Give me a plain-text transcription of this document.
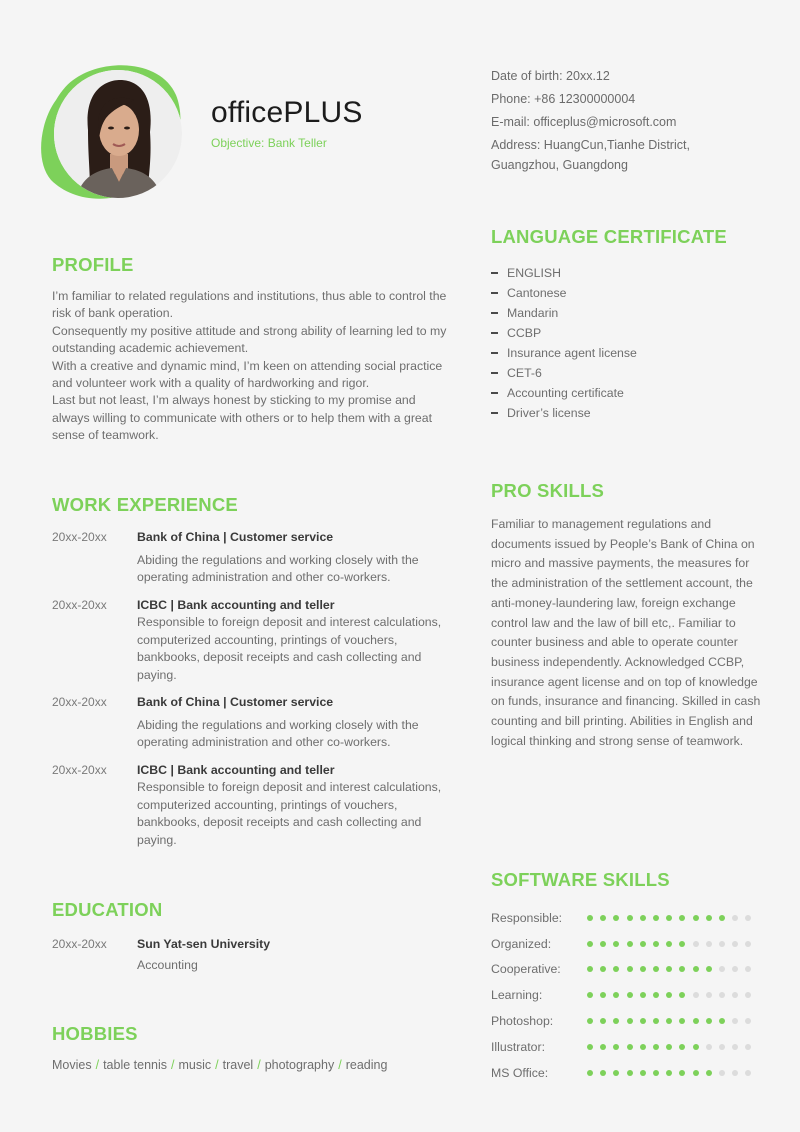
officePLUS
Objective: Bank Teller
Date of birth: 20xx.12
Phone: +86 12300000004
E-mail: officeplus@microsoft.com
Address: HuangCun,Tianhe District, Guangzhou, Guangdong
PROFILE

I’m familiar to related regulations and institutions, thus able to control the risk of bank operation.

Consequently my positive attitude and strong ability of learning led to my outstanding academic achievement.

With a creative and dynamic mind, I’m keen on attending social practice and volunteer work with a quality of hardworking and rigor.

Last but not least, I’m always honest by sticking to my promise and always willing to communicate with others or to help them with a great sense of teamwork.

WORK EXPERIENCE
20xx-20xx	Bank of China | Customer service
Abiding the regulations and working closely with the operating administration and other co-workers.
20xx-20xx	ICBC | Bank accounting and teller
Responsible to foreign deposit and interest calculations, computerized accounting, printings of vouchers, bankbooks, deposit receipts and cash collecting and paying.
20xx-20xx	Bank of China | Customer service
Abiding the regulations and working closely with the operating administration and other co-workers.
20xx-20xx	ICBC | Bank accounting and teller
Responsible to foreign deposit and interest calculations, computerized accounting, printings of vouchers, bankbooks, deposit receipts and cash collecting and paying.
EDUCATION
20xx-20xx	Sun Yat-sen University
Accounting
HOBBIES
Movies / table tennis / music / travel / photography / reading
LANGUAGE CERTIFICATE
ENGLISH
Cantonese
Mandarin
CCBP
Insurance agent license
CET-6
Accounting certificate
Driver’s license
PRO SKILLS
Familiar to management regulations and documents issued by People’s Bank of China on micro and massive payments, the measures for the administration of the settlement account, the anti-money-laundering law, foreign exchange control law and the law of bill etc,. Familiar to counter business and able to operate counter business independently. Acknowledged CCBP, insurance agent license and on top of knowledge on funds, insurance and financing. Skilled in cash counting and bill printing. Abilities in English and logical thinking and strong sense of teamwork.
SOFTWARE SKILLS
Responsible:
Organized:
Cooperative:
Learning:
Photoshop:
Illustrator:
MS Office:
